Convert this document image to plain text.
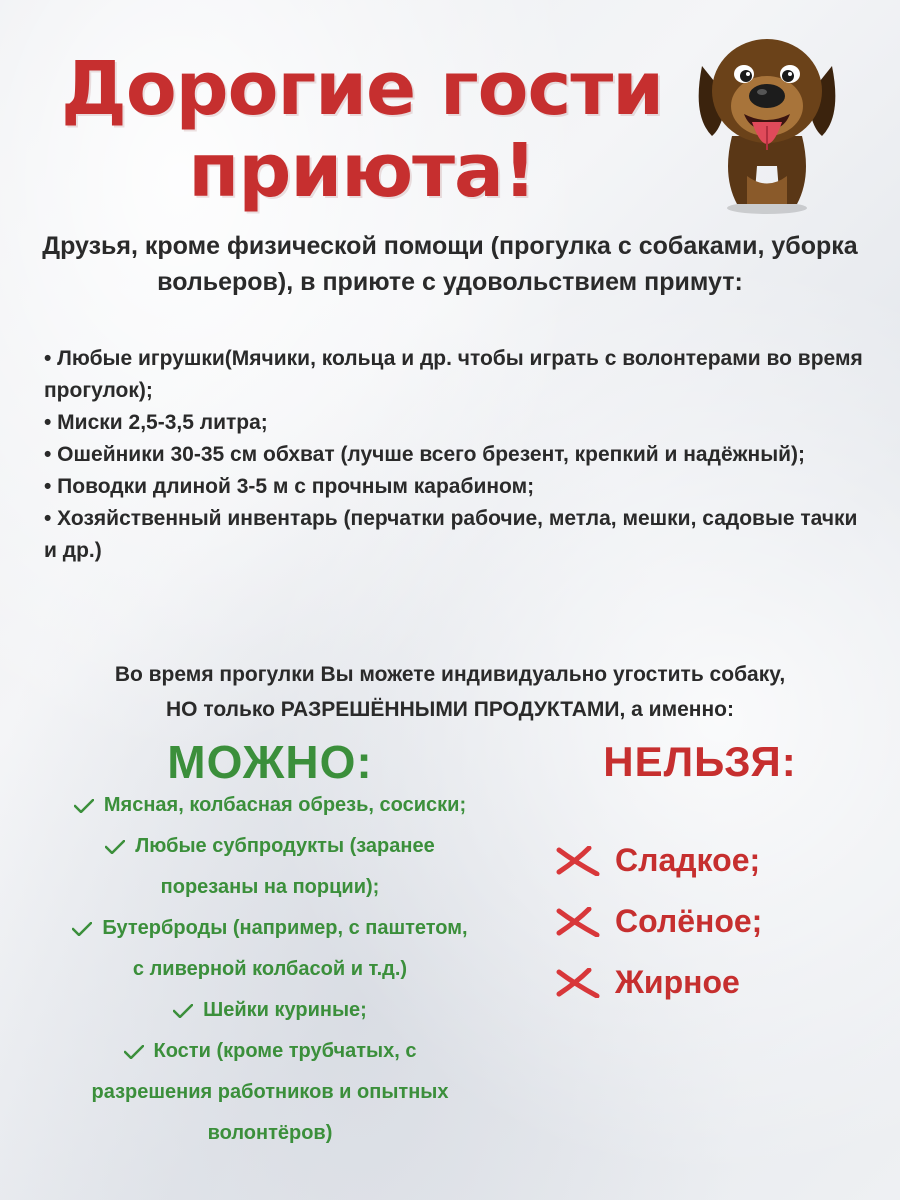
Дорогие гости
приюта!
Друзья, кроме физической помощи (прогулка с собаками, уборка вольеров), в приюте с удовольствием примут:
• Любые игрушки(Мячики, кольца и др. чтобы играть с волонтерами во время прогулок);
• Миски 2,5-3,5 литра;
• Ошейники 30-35 см обхват (лучше всего брезент, крепкий и надёжный);
• Поводки длиной 3-5 м с прочным карабином;
• Хозяйственный инвентарь (перчатки рабочие, метла, мешки, садовые тачки и др.)
Во время прогулки Вы можете индивидуально угостить собаку,
НО только РАЗРЕШЁННЫМИ ПРОДУКТАМИ, а именно:
МОЖНО:	НЕЛЬЗЯ:
Мясная, колбасная обрезь, сосиски;
Любые субпродукты (заранее
порезаны на порции);
Бутерброды (например, с паштетом,
с ливерной колбасой и т.д.)
Шейки куриные;
Кости (кроме трубчатых, с
разрешения работников и опытных
волонтёров)
Сладкое;
Солёное;
Жирное
